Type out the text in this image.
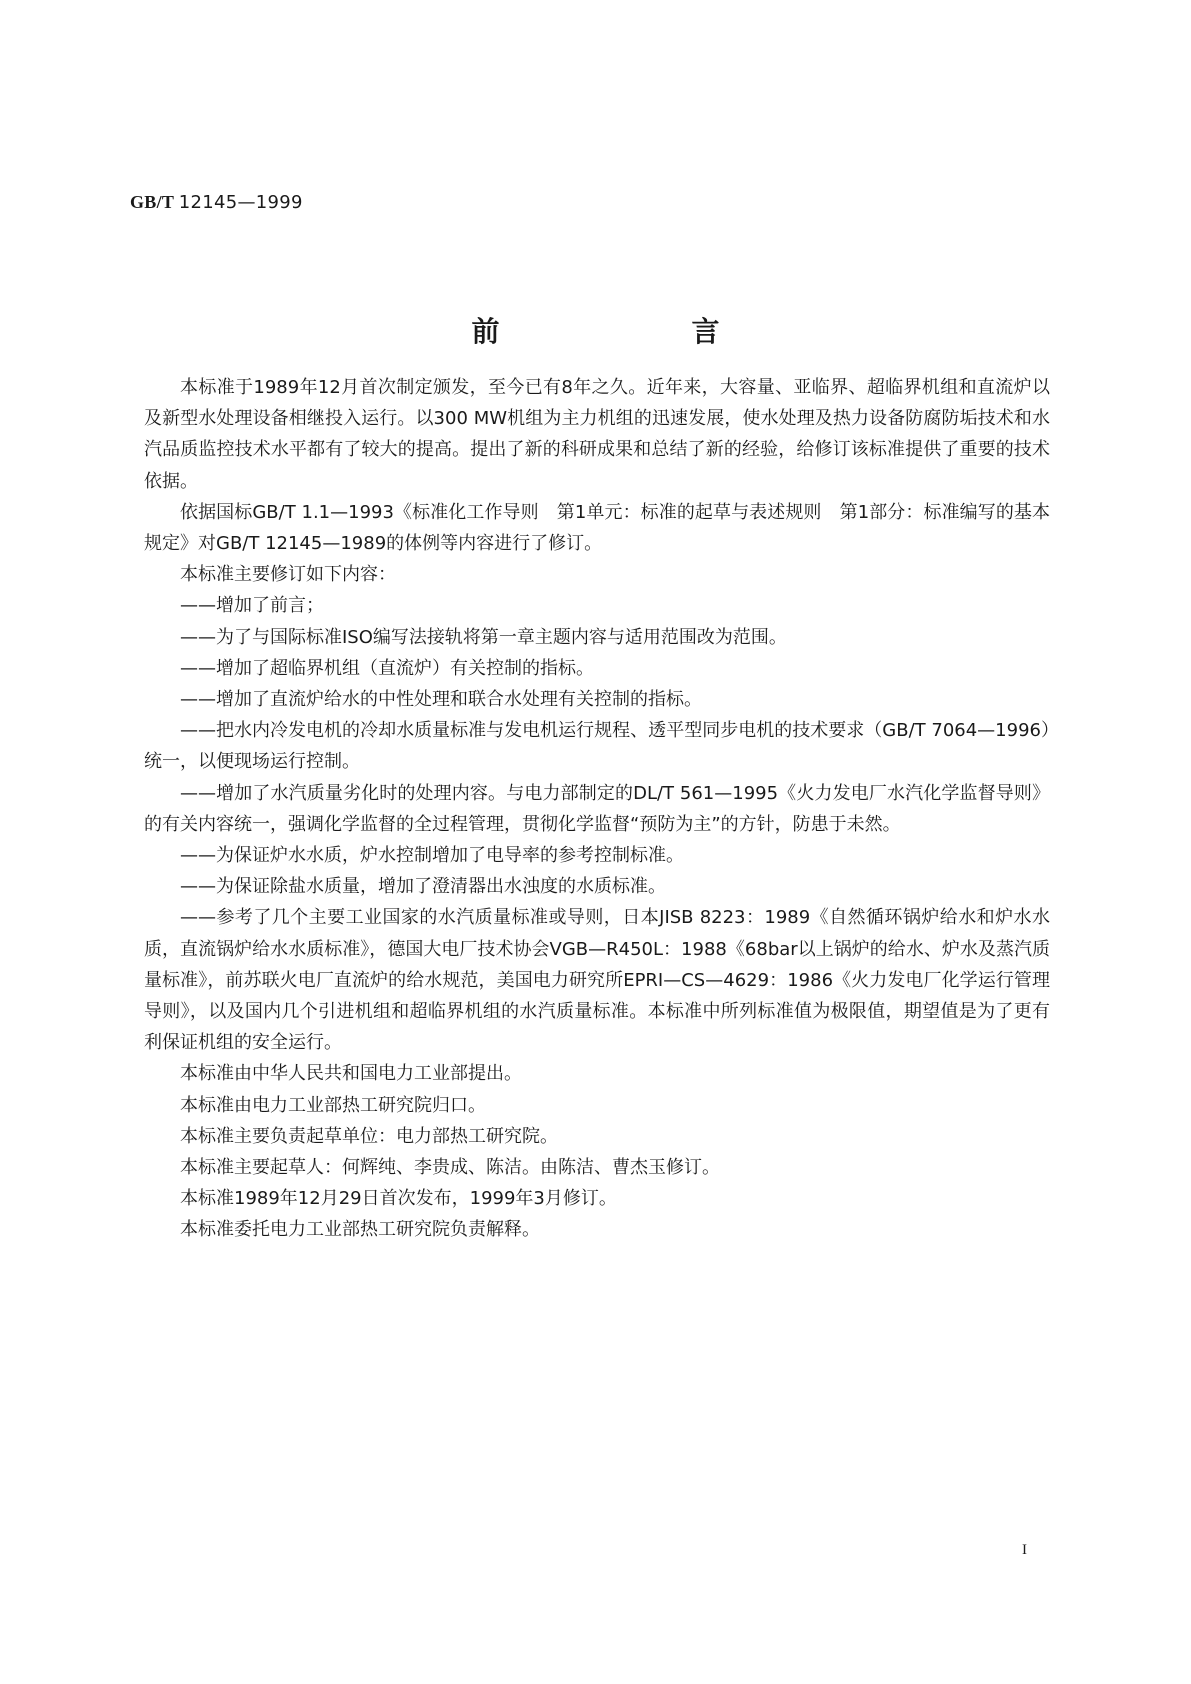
GB/T 12145—1999
前　言

本标准于1989年12月首次制定颁发，至今已有8年之久。近年来，大容量、亚临界、超临界机组和直流炉以及新型水处理设备相继投入运行。以300 MW机组为主力机组的迅速发展，使水处理及热力设备防腐防垢技术和水汽品质监控技术水平都有了较大的提高。提出了新的科研成果和总结了新的经验，给修订该标准提供了重要的技术依据。

依据国标GB/T 1.1—1993《标准化工作导则　第1单元：标准的起草与表述规则　第1部分：标准编写的基本规定》对GB/T 12145—1989的体例等内容进行了修订。

本标准主要修订如下内容：

——增加了前言；

——为了与国际标准ISO编写法接轨将第一章主题内容与适用范围改为范围。

——增加了超临界机组（直流炉）有关控制的指标。

——增加了直流炉给水的中性处理和联合水处理有关控制的指标。

——把水内冷发电机的冷却水质量标准与发电机运行规程、透平型同步电机的技术要求（GB/T 7064—1996）统一，以便现场运行控制。

——增加了水汽质量劣化时的处理内容。与电力部制定的DL/T 561—1995《火力发电厂水汽化学监督导则》的有关内容统一，强调化学监督的全过程管理，贯彻化学监督“预防为主”的方针，防患于未然。

——为保证炉水水质，炉水控制增加了电导率的参考控制标准。

——为保证除盐水质量，增加了澄清器出水浊度的水质标准。

——参考了几个主要工业国家的水汽质量标准或导则，日本JISB 8223：1989《自然循环锅炉给水和炉水水质，直流锅炉给水水质标准》，德国大电厂技术协会VGB—R450L：1988《68bar以上锅炉的给水、炉水及蒸汽质量标准》，前苏联火电厂直流炉的给水规范，美国电力研究所EPRI—CS—4629：1986《火力发电厂化学运行管理导则》，以及国内几个引进机组和超临界机组的水汽质量标准。本标准中所列标准值为极限值，期望值是为了更有利保证机组的安全运行。

本标准由中华人民共和国电力工业部提出。

本标准由电力工业部热工研究院归口。

本标准主要负责起草单位：电力部热工研究院。

本标准主要起草人：何辉纯、李贵成、陈洁。由陈洁、曹杰玉修订。

本标准1989年12月29日首次发布，1999年3月修订。

本标准委托电力工业部热工研究院负责解释。

I
